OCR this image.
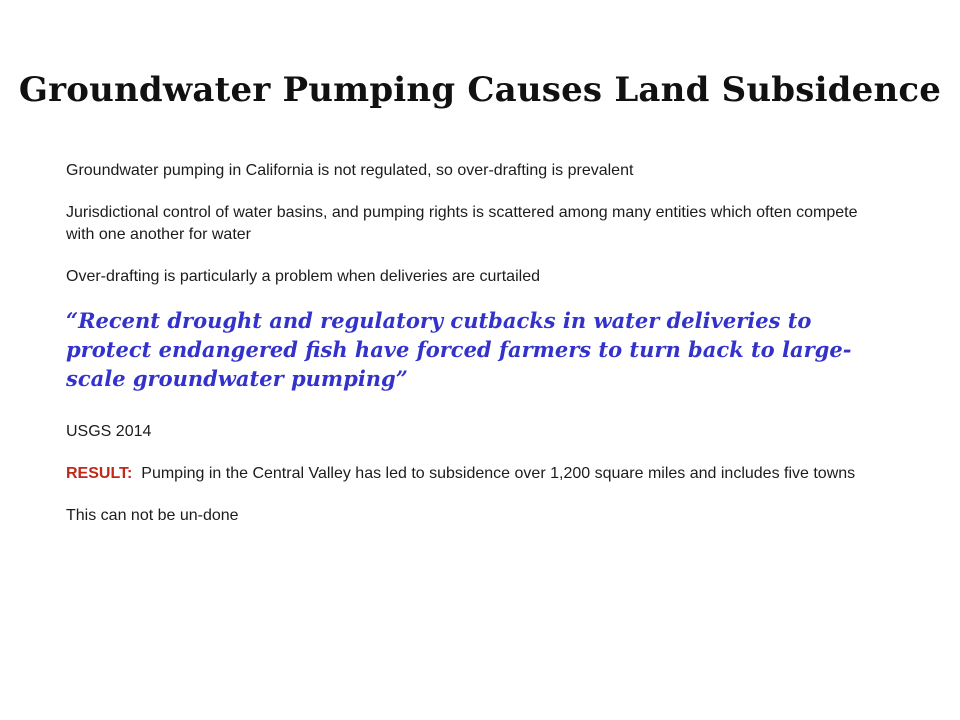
Groundwater Pumping Causes Land Subsidence

Groundwater pumping in California is not regulated, so over-drafting is prevalent

Jurisdictional control of water basins, and pumping rights is scattered among many entities which often compete with one another for water

Over-drafting is particularly a problem when deliveries are curtailed

“Recent drought and regulatory cutbacks in water deliveries to protect endangered fish have forced farmers to turn back to large-scale groundwater pumping”

USGS 2014

RESULT:  Pumping in the Central Valley has led to subsidence over 1,200 square miles and includes five towns

This can not be un-done
